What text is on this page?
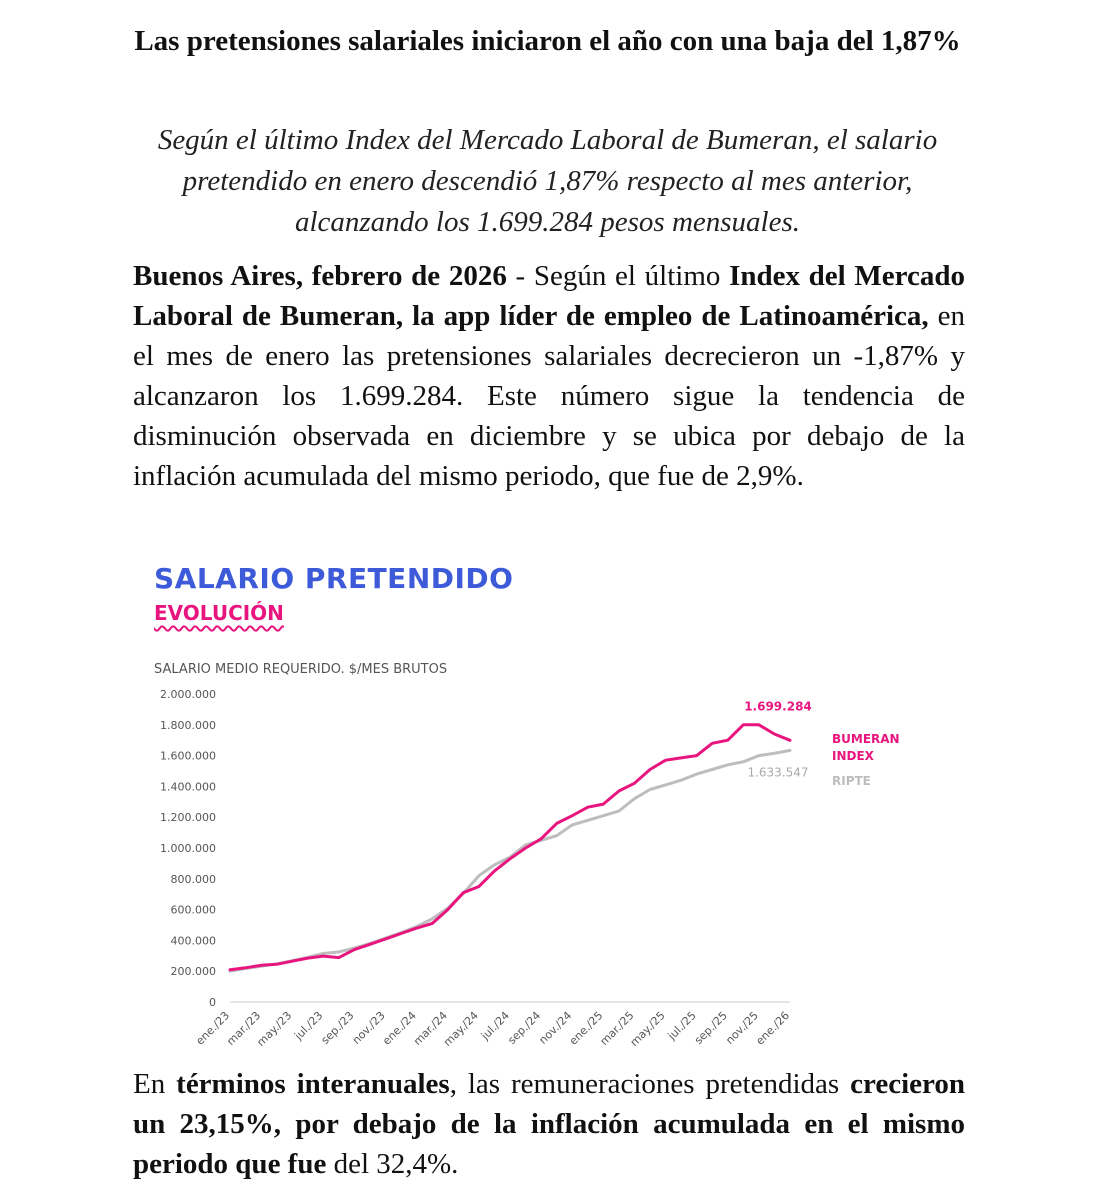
Las pretensiones salariales iniciaron el año con una baja del 1,87%
Según el último Index del Mercado Laboral de Bumeran, el salario pretendido en enero descendió 1,87% respecto al mes anterior, alcanzando los 1.699.284 pesos mensuales.
Buenos Aires, febrero de 2026 - Según el último Index del Mercado Laboral de Bumeran, la app líder de empleo de Latinoamérica, en el mes de enero las pretensiones salariales decrecieron un -1,87% y alcanzaron los 1.699.284. Este número sigue la tendencia de disminución observada en diciembre y se ubica por debajo de la inflación acumulada del mismo periodo, que fue de 2,9%.
SALARIO PRETENDIDO
EVOLUCIÓN
SALARIO MEDIO REQUERIDO. $/MES BRUTOS
0
200.000
400.000
600.000
800.000
1.000.000
1.200.000
1.400.000
1.600.000
1.800.000
2.000.000
ene./23
mar./23
may./23
jul./23
sep./23
nov./23
ene./24
mar./24
may./24
jul./24
sep./24
nov./24
ene./25
mar./25
may./25
jul./25
sep./25
nov./25
ene./26
1.699.284
1.633.547
BUMERAN
INDEX
RIPTE
En términos interanuales, las remuneraciones pretendidas crecieron un 23,15%, por debajo de la inflación acumulada en el mismo periodo que fue del 32,4%.
